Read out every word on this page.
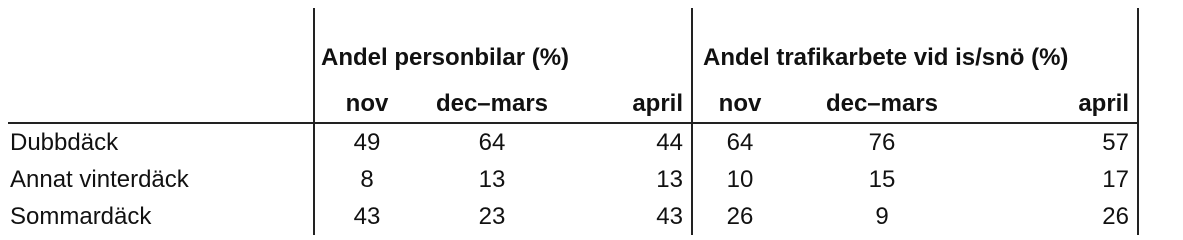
	Andel personbilar (%)			Andel trafikarbete vid is/snö (%)		
	nov	dec–mars	april	nov	dec–mars	april
Dubbdäck	49	64	44	64	76	57
Annat vinterdäck	8	13	13	10	15	17
Sommardäck	43	23	43	26	9	26
